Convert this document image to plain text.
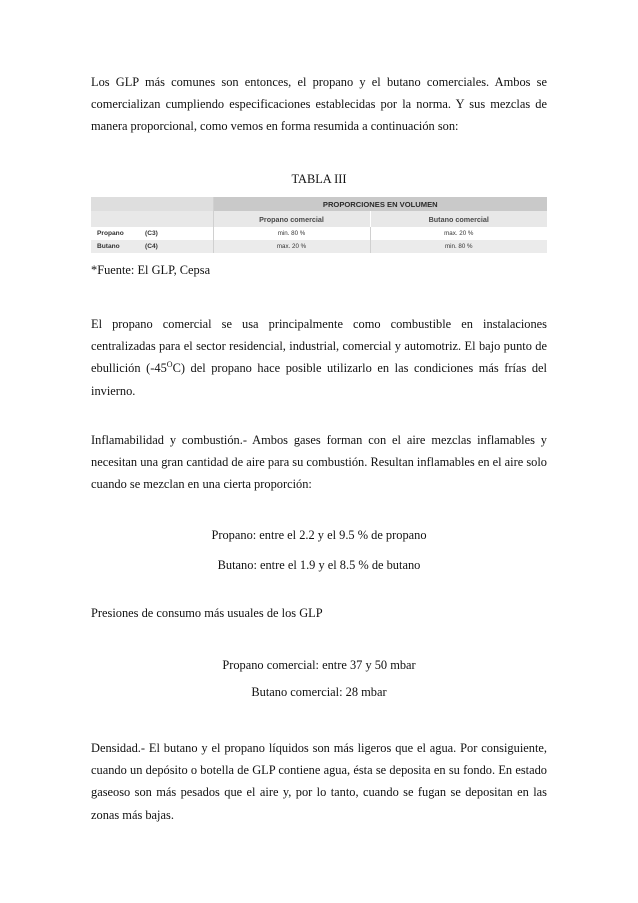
Los GLP más comunes son entonces, el propano y el butano comerciales. Ambos se comercializan cumpliendo especificaciones establecidas por la norma. Y sus mezclas de manera proporcional, como vemos en forma resumida a continuación son:

TABLA III

	PROPORCIONES EN VOLUMEN	
	Propano comercial	Butano comercial

Propano (C3)	min. 80 %	max. 20 %

Butano (C4)	max. 20 %	min. 80 %

*Fuente: El GLP, Cepsa

El propano comercial se usa principalmente como combustible en instalaciones centralizadas para el sector residencial, industrial, comercial y automotriz. El bajo punto de ebullición $(-45^OC)$ del propano hace posible utilizarlo en las condiciones más frías del invierno.

Inflamabilidad y combustión.- Ambos gases forman con el aire mezclas inflamables y necesitan una gran cantidad de aire para su combustión. Resultan inflamables en el aire solo cuando se mezclan en una cierta proporción:

Propano: entre el 2.2 y el 9.5 % de propano

Butano: entre el 1.9 y el 8.5 % de butano

Presiones de consumo más usuales de los GLP

Propano comercial: entre 37 y 50 mbar

Butano comercial: 28 mbar

Densidad.- El butano y el propano líquidos son más ligeros que el agua. Por consiguiente, cuando un depósito o botella de GLP contiene agua, ésta se deposita en su fondo. En estado gaseoso son más pesados que el aire y, por lo tanto, cuando se fugan se depositan en las zonas más bajas.
